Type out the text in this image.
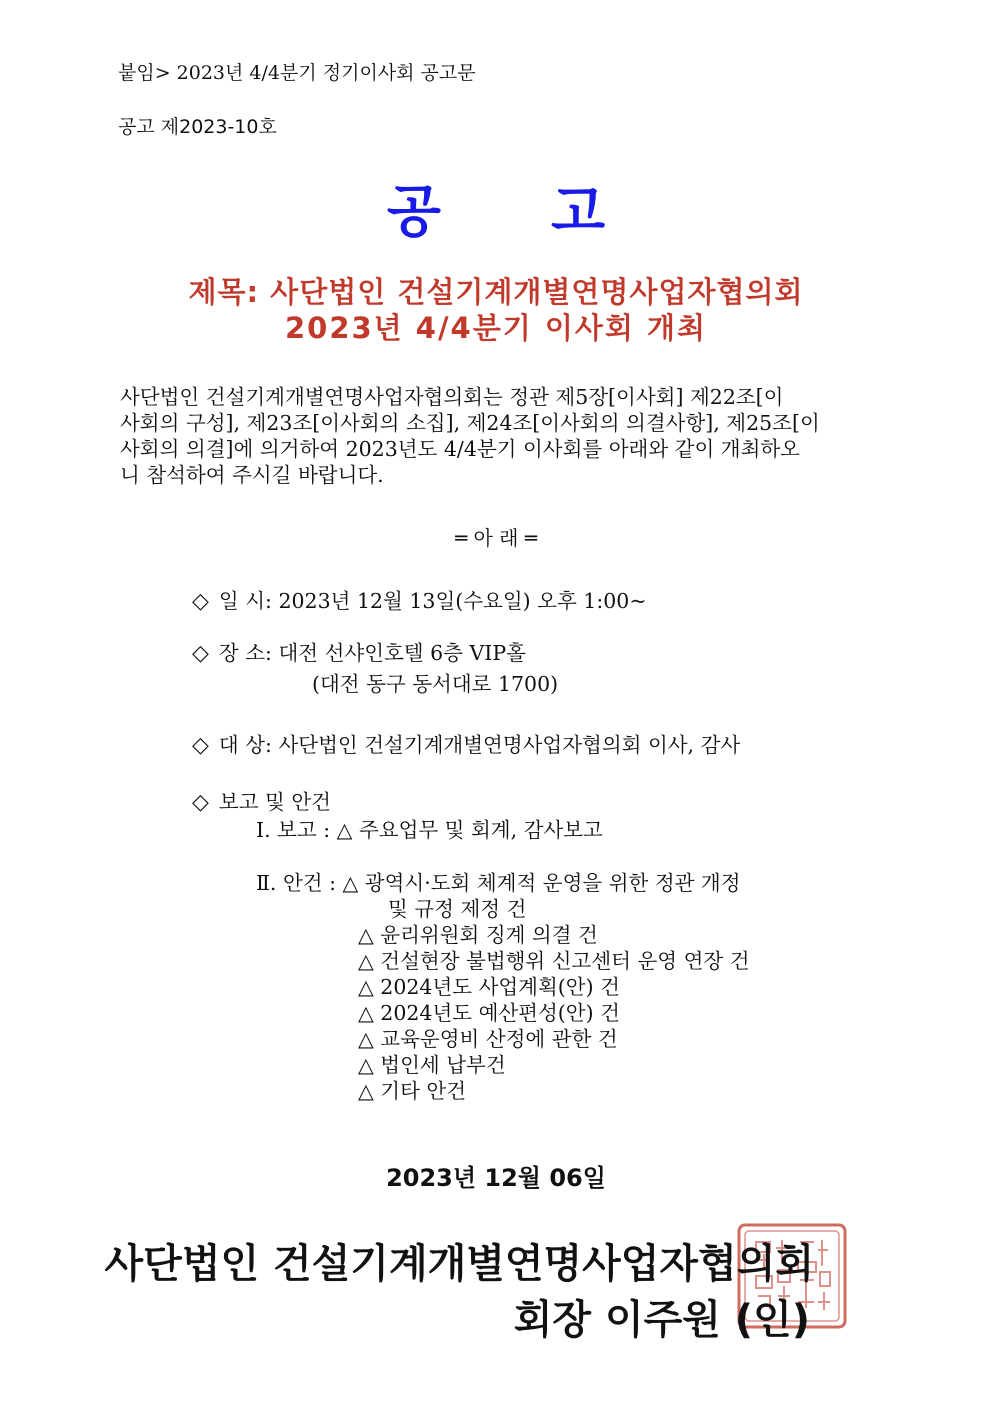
붙임> 2023년 4/4분기 정기이사회 공고문
공고 제2023-10호
공 고
제목: 사단법인 건설기계개별연명사업자협의회
2023년 4/4분기 이사회 개최
사단법인 건설기계개별연명사업자협의회는 정관 제5장[이사회] 제22조[이
사회의 구성], 제23조[이사회의 소집], 제24조[이사회의 의결사항], 제25조[이
사회의 의결]에 의거하여 2023년도 4/4분기 이사회를 아래와 같이 개최하오
니 참석하여 주시길 바랍니다.
═ 아 래 ═
◇ 일 시: 2023년 12월 13일(수요일) 오후 1:00~
◇ 장 소: 대전 선샤인호텔 6층 VIP홀
(대전 동구 동서대로 1700)
◇ 대 상: 사단법인 건설기계개별연명사업자협의회 이사, 감사
◇ 보고 및 안건
Ⅰ. 보고 : △ 주요업무 및 회계, 감사보고
Ⅱ. 안건 : △ 광역시·도회 체계적 운영을 위한 정관 개정
및 규정 제정 건
△ 윤리위원회 징계 의결 건
△ 건설현장 불법행위 신고센터 운영 연장 건
△ 2024년도 사업계획(안) 건
△ 2024년도 예산편성(안) 건
△ 교육운영비 산정에 관한 건
△ 법인세 납부건
△ 기타 안건
2023년 12월 06일
사단법인 건설기계개별연명사업자협의회
회장 이주원 (인)
